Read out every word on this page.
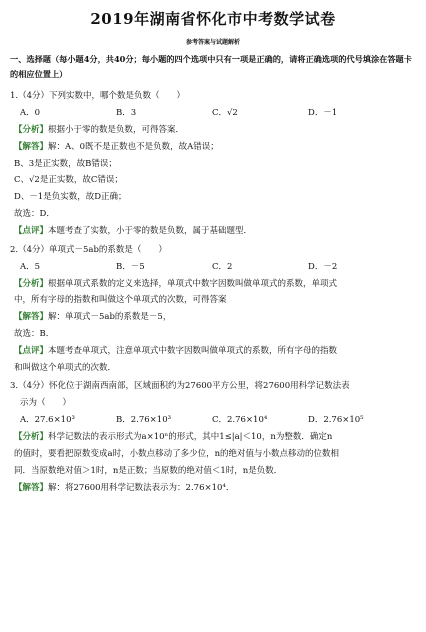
2019年湖南省怀化市中考数学试卷
参考答案与试题解析
一、选择题（每小题4分，共40分；每小题的四个选项中只有一项是正确的，请将正确选项的代号填涂在答题卡的相应位置上）
1.（4分）下列实数中，哪个数是负数（　　）
A．0	B．3	C．√2	D．－1
【分析】根据小于零的数是负数，可得答案．
【解答】解：A、0既不是正数也不是负数，故A错误；
B、3是正实数，故B错误；
C、√2是正实数，故C错误；
D、－1是负实数，故D正确；
故选：D．
【点评】本题考查了实数，小于零的数是负数，属于基础题型．
2.（4分）单项式－5ab的系数是（　　）
A．5	B．－5	C．2	D．－2
【分析】根据单项式系数的定义来选择，单项式中数字因数叫做单项式的系数，单项式
中，所有字母的指数和叫做这个单项式的次数，可得答案
【解答】解：单项式－5ab的系数是－5，
故选：B．
【点评】本题考查单项式，注意单项式中数字因数叫做单项式的系数，所有字母的指数
和叫做这个单项式的次数．
3.（4分）怀化位于湖南西南部，区域面积约为27600平方公里，将27600用科学记数法表
示为（　　）
A．27.6×10³	B．2.76×10³	C．2.76×10⁴	D．2.76×10⁵
【分析】科学记数法的表示形式为a×10ⁿ的形式，其中1≤|a|＜10，n为整数．确定n
的值时，要看把原数变成a时，小数点移动了多少位，n的绝对值与小数点移动的位数相
同．当原数绝对值＞1时，n是正数；当原数的绝对值＜1时，n是负数．
【解答】解：将27600用科学记数法表示为：2.76×10⁴．
